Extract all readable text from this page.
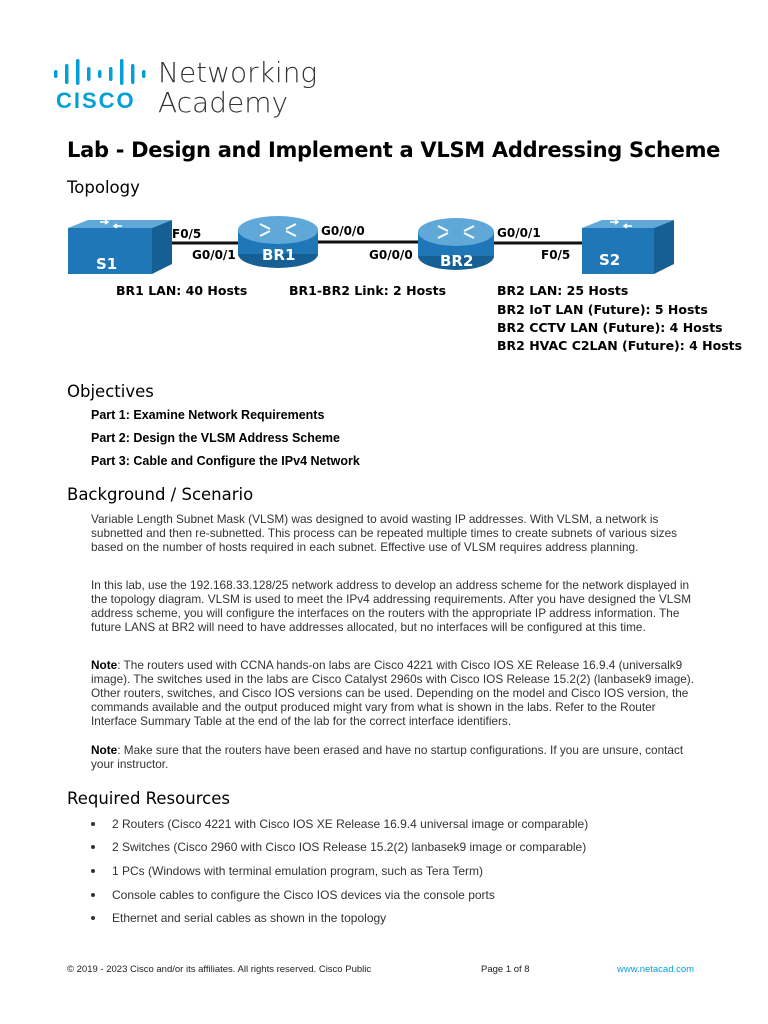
CISCO
Networking
Academy
Lab - Design and Implement a VLSM Addressing Scheme
Topology
S1	BR1	BR2	S2
F0/5
G0/0/1
G0/0/0
G0/0/0
G0/0/1
F0/5
BR1 LAN: 40 Hosts	BR1-BR2 Link: 2 Hosts	BR2 LAN: 25 Hosts
BR2 IoT LAN (Future): 5 Hosts
BR2 CCTV LAN (Future): 4 Hosts
BR2 HVAC C2LAN (Future): 4 Hosts
Objectives
Part 1: Examine Network Requirements
Part 2: Design the VLSM Address Scheme
Part 3: Cable and Configure the IPv4 Network
Background / Scenario

Variable Length Subnet Mask (VLSM) was designed to avoid wasting IP addresses. With VLSM, a network is subnetted and then re-subnetted. This process can be repeated multiple times to create subnets of various sizes based on the number of hosts required in each subnet. Effective use of VLSM requires address planning.

In this lab, use the 192.168.33.128/25 network address to develop an address scheme for the network displayed in the topology diagram. VLSM is used to meet the IPv4 addressing requirements. After you have designed the VLSM address scheme, you will configure the interfaces on the routers with the appropriate IP address information. The future LANS at BR2 will need to have addresses allocated, but no interfaces will be configured at this time.

Note: The routers used with CCNA hands-on labs are Cisco 4221 with Cisco IOS XE Release 16.9.4 (universalk9 image). The switches used in the labs are Cisco Catalyst 2960s with Cisco IOS Release 15.2(2) (lanbasek9 image). Other routers, switches, and Cisco IOS versions can be used. Depending on the model and Cisco IOS version, the commands available and the output produced might vary from what is shown in the labs. Refer to the Router Interface Summary Table at the end of the lab for the correct interface identifiers.

Note: Make sure that the routers have been erased and have no startup configurations. If you are unsure, contact your instructor.

Required Resources
2 Routers (Cisco 4221 with Cisco IOS XE Release 16.9.4 universal image or comparable)
2 Switches (Cisco 2960 with Cisco IOS Release 15.2(2) lanbasek9 image or comparable)
1 PCs (Windows with terminal emulation program, such as Tera Term)
Console cables to configure the Cisco IOS devices via the console ports
Ethernet and serial cables as shown in the topology
© 2019 - 2023 Cisco and/or its affiliates. All rights reserved. Cisco Public	Page 1 of 8	www.netacad.com
